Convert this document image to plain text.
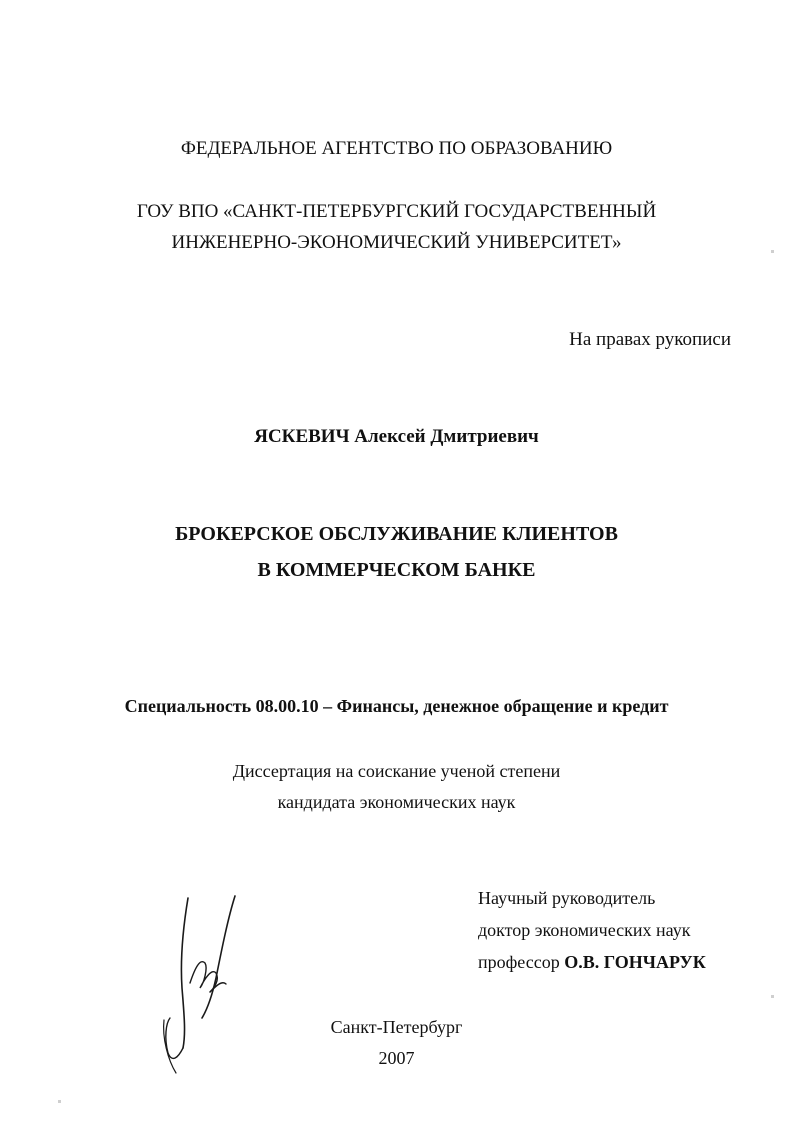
ФЕДЕРАЛЬНОЕ АГЕНТСТВО ПО ОБРАЗОВАНИЮ
ГОУ ВПО «САНКТ-ПЕТЕРБУРГСКИЙ ГОСУДАРСТВЕННЫЙ
ИНЖЕНЕРНО-ЭКОНОМИЧЕСКИЙ УНИВЕРСИТЕТ»
На правах рукописи
ЯСКЕВИЧ Алексей Дмитриевич
БРОКЕРСКОЕ ОБСЛУЖИВАНИЕ КЛИЕНТОВ
В КОММЕРЧЕСКОМ БАНКЕ
Специальность 08.00.10 – Финансы, денежное обращение и кредит
Диссертация на соискание ученой степени
кандидата экономических наук
Научный руководитель
доктор экономических наук
профессор О.В. ГОНЧАРУК
Санкт-Петербург
2007
